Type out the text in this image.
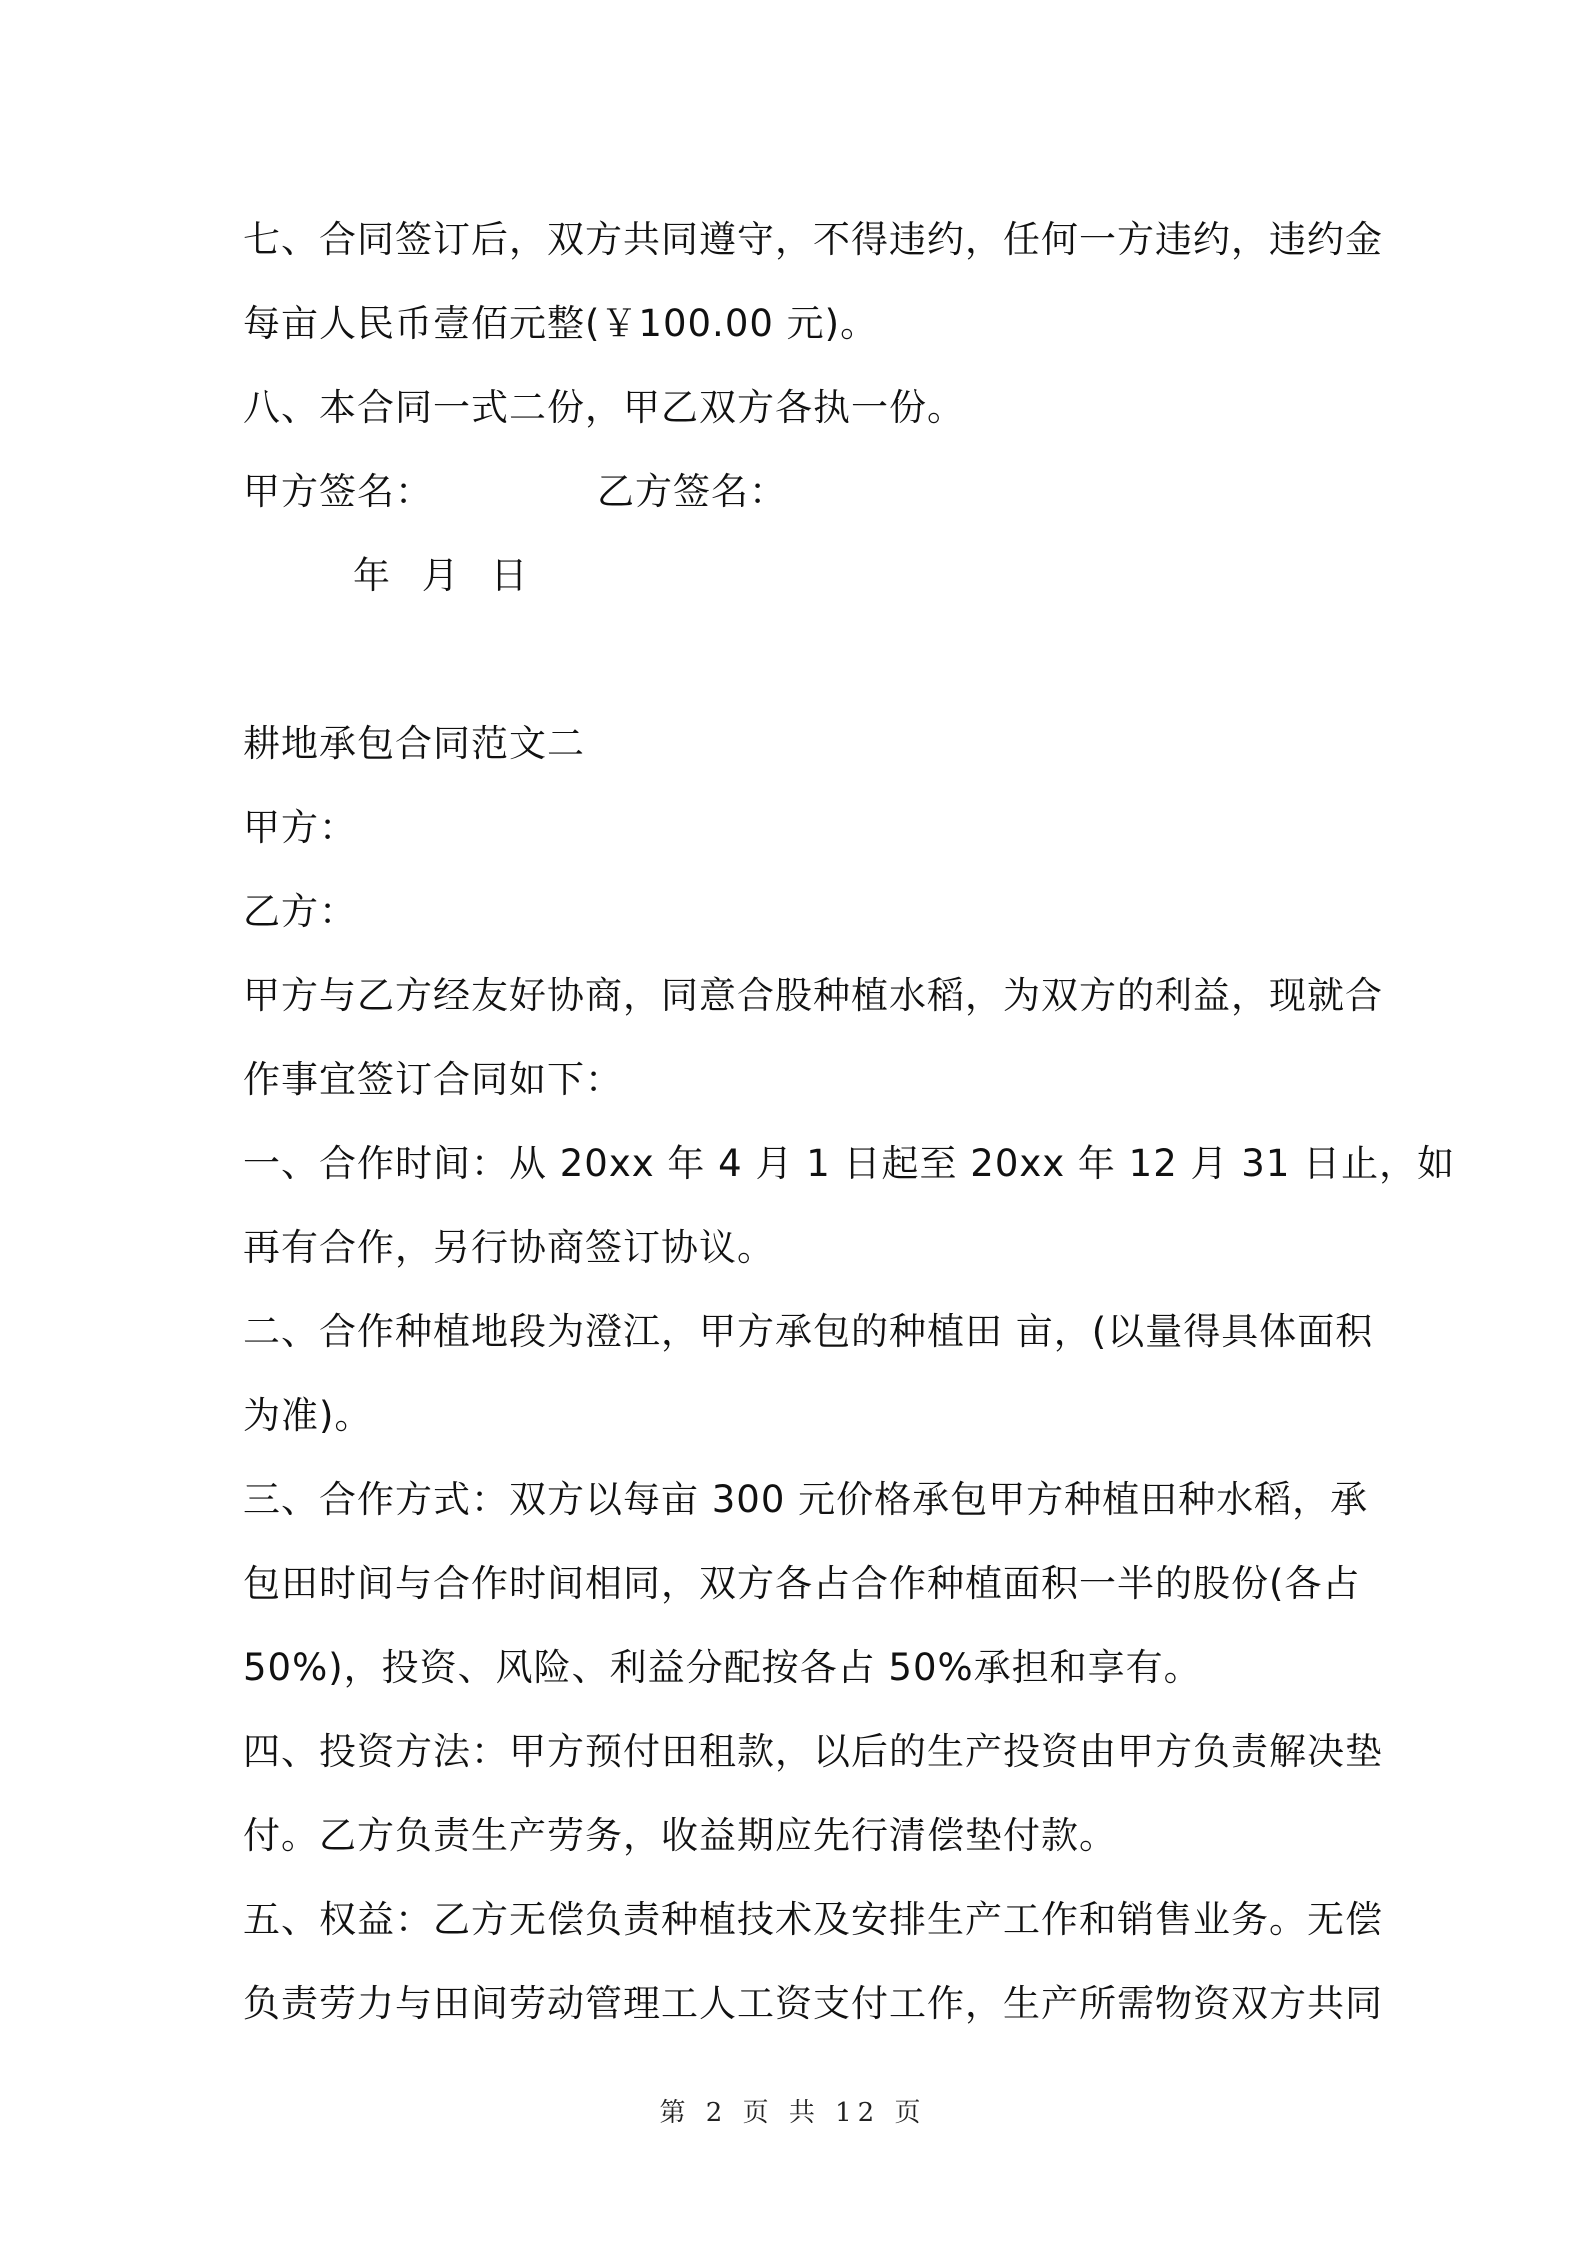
七、合同签订后，双方共同遵守，不得违约，任何一方违约，违约金
每亩人民币壹佰元整(￥100.00 元)。
八、本合同一式二份，甲乙双方各执一份。
甲方签名：	乙方签名：
年 月 日
耕地承包合同范文二
甲方：
乙方：
甲方与乙方经友好协商，同意合股种植水稻，为双方的利益，现就合
作事宜签订合同如下：
一、合作时间：从 20xx 年 4 月 1 日起至 20xx 年 12 月 31 日止，如
再有合作，另行协商签订协议。
二、合作种植地段为澄江，甲方承包的种植田 亩，(以量得具体面积
为准)。
三、合作方式：双方以每亩 300 元价格承包甲方种植田种水稻，承
包田时间与合作时间相同，双方各占合作种植面积一半的股份(各占
50%)，投资、风险、利益分配按各占 50%承担和享有。
四、投资方法：甲方预付田租款，以后的生产投资由甲方负责解决垫
付。乙方负责生产劳务，收益期应先行清偿垫付款。
五、权益：乙方无偿负责种植技术及安排生产工作和销售业务。无偿
负责劳力与田间劳动管理工人工资支付工作，生产所需物资双方共同
第 2 页 共 12 页
